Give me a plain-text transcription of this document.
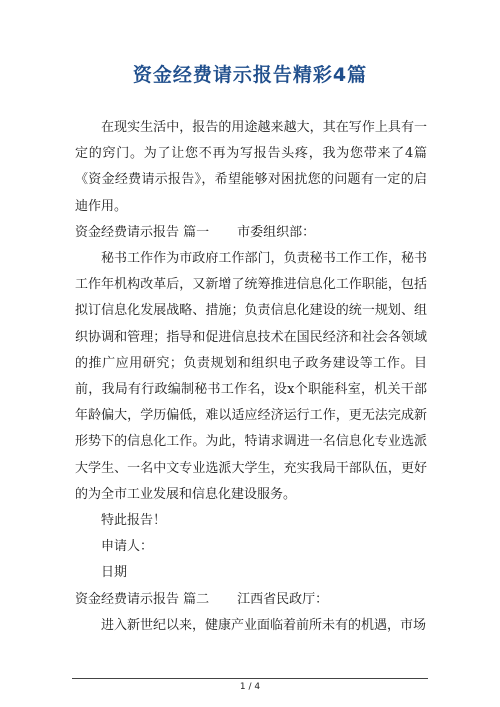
资金经费请示报告精彩4篇

在现实生活中，报告的用途越来越大，其在写作上具有一定的窍门。为了让您不再为写报告头疼，我为您带来了4篇《资金经费请示报告》，希望能够对困扰您的问题有一定的启迪作用。

资金经费请示报告 篇一 市委组织部：

秘书工作作为市政府工作部门，负责秘书工作工作，秘书工作年机构改革后，又新增了统筹推进信息化工作职能，包括拟订信息化发展战略、措施；负责信息化建设的统一规划、组织协调和管理；指导和促进信息技术在国民经济和社会各领域的推广应用研究；负责规划和组织电子政务建设等工作。目前，我局有行政编制秘书工作名，设x个职能科室，机关干部年龄偏大，学历偏低，难以适应经济运行工作，更无法完成新形势下的信息化工作。为此，特请求调进一名信息化专业选派大学生、一名中文专业选派大学生，充实我局干部队伍，更好的为全市工业发展和信息化建设服务。

特此报告！

申请人：

日期

资金经费请示报告 篇二 江西省民政厅：

进入新世纪以来，健康产业面临着前所未有的机遇，市场

1 / 4
